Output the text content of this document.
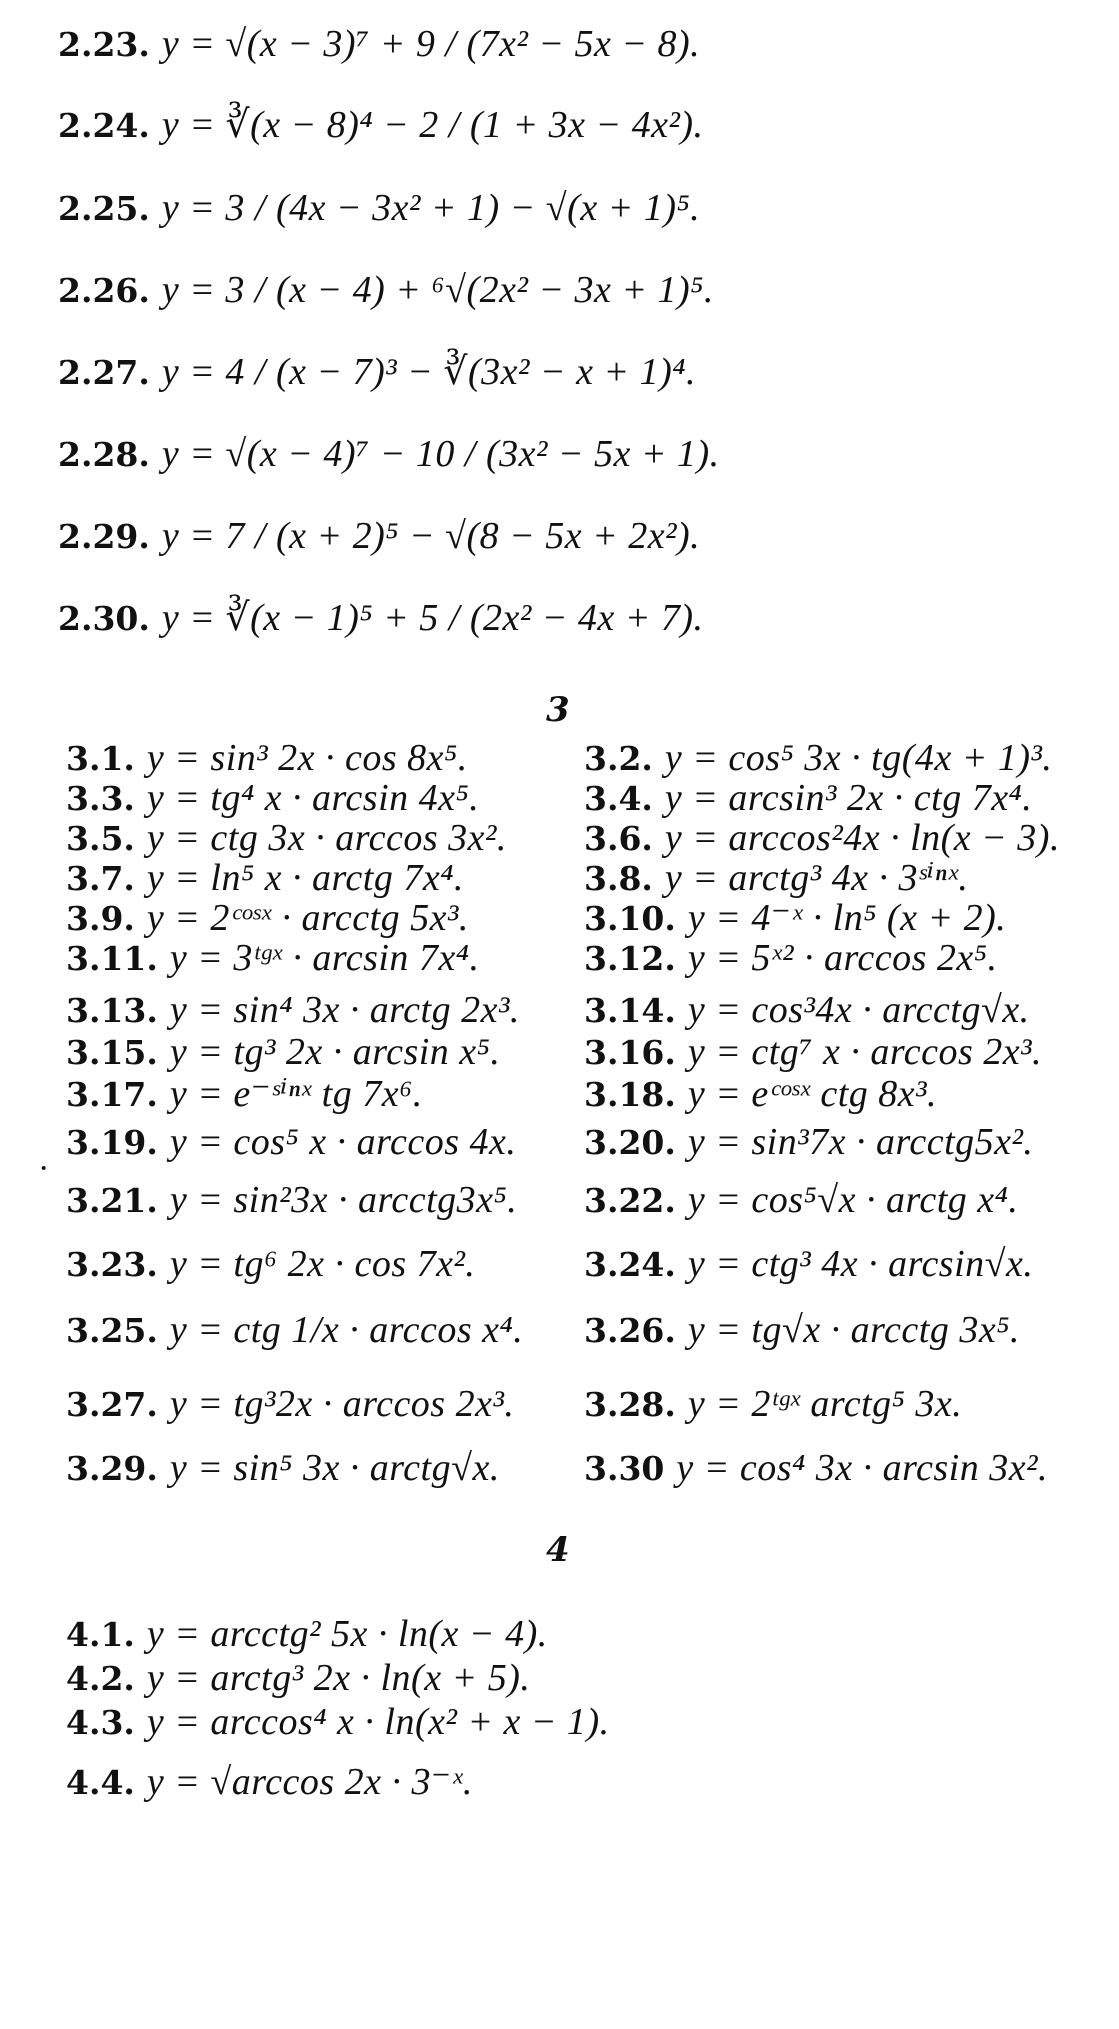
2.23. y = √(x − 3)⁷ + 9 / (7x² − 5x − 8).
2.24. y = ∛(x − 8)⁴ − 2 / (1 + 3x − 4x²).
2.25. y = 3 / (4x − 3x² + 1) − √(x + 1)⁵.
2.26. y = 3 / (x − 4) + ⁶√(2x² − 3x + 1)⁵.
2.27. y = 4 / (x − 7)³ − ∛(3x² − x + 1)⁴.
2.28. y = √(x − 4)⁷ − 10 / (3x² − 5x + 1).
2.29. y = 7 / (x + 2)⁵ − √(8 − 5x + 2x²).
2.30. y = ∛(x − 1)⁵ + 5 / (2x² − 4x + 7).
3
·
3.1. y = sin³ 2x · cos 8x⁵.
3.3. y = tg⁴ x · arcsin 4x⁵.
3.5. y = ctg 3x · arccos 3x².
3.7. y = ln⁵ x · arctg 7x⁴.
3.9. y = 2ᶜᵒˢˣ · arcctg 5x³.
3.11. y = 3ᵗᵍˣ · arcsin 7x⁴.
3.13. y = sin⁴ 3x · arctg 2x³.
3.15. y = tg³ 2x · arcsin x⁵.
3.17. y = e⁻ˢⁱⁿˣ tg 7x⁶.
3.19. y = cos⁵ x · arccos 4x.
3.21. y = sin²3x · arcctg3x⁵.
3.23. y = tg⁶ 2x · cos 7x².
3.25. y = ctg 1/x · arccos x⁴.
3.27. y = tg³2x · arccos 2x³.
3.29. y = sin⁵ 3x · arctg√x.
3.2. y = cos⁵ 3x · tg(4x + 1)³.
3.4. y = arcsin³ 2x · ctg 7x⁴.
3.6. y = arccos²4x · ln(x − 3).
3.8. y = arctg³ 4x · 3ˢⁱⁿˣ.
3.10. y = 4⁻ˣ · ln⁵ (x + 2).
3.12. y = 5ˣ² · arccos 2x⁵.
3.14. y = cos³4x · arcctg√x.
3.16. y = ctg⁷ x · arccos 2x³.
3.18. y = eᶜᵒˢˣ ctg 8x³.
3.20. y = sin³7x · arcctg5x².
3.22. y = cos⁵√x · arctg x⁴.
3.24. y = ctg³ 4x · arcsin√x.
3.26. y = tg√x · arcctg 3x⁵.
3.28. y = 2ᵗᵍˣ arctg⁵ 3x.
3.30 y = cos⁴ 3x · arcsin 3x².
4
4.1. y = arcctg² 5x · ln(x − 4).
4.2. y = arctg³ 2x · ln(x + 5).
4.3. y = arccos⁴ x · ln(x² + x − 1).
4.4. y = √arccos 2x · 3⁻ˣ.
